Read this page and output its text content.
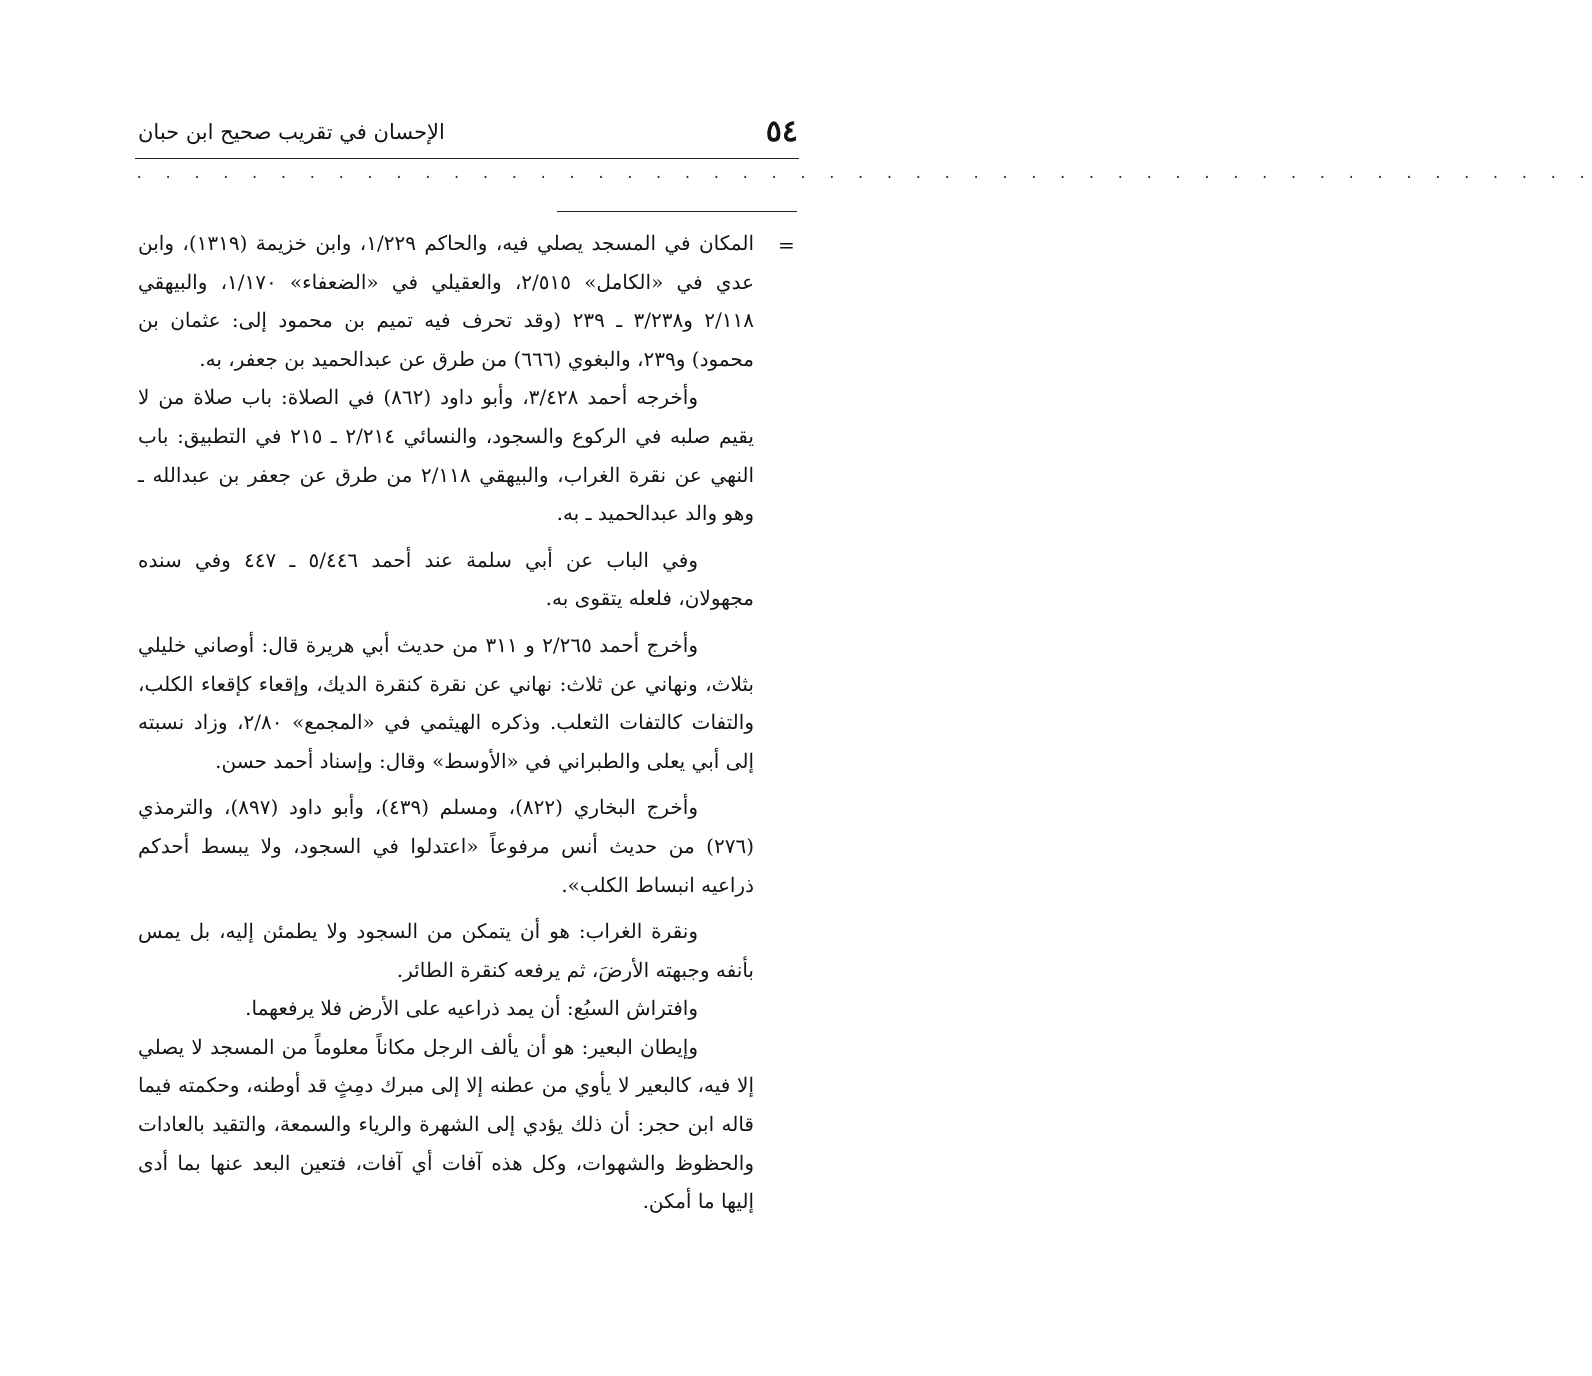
٥٤
الإحسان في تقريب صحيح ابن حبان
· · · · · · · · · · · · · · · · · · · · · · · · · · · · · · · · · · · · · · · · · · · · · · · · · · ·
=

المكان في المسجد يصلي فيه، والحاكم ١/٢٢٩، وابن خزيمة (١٣١٩)، وابن عدي في «الكامل» ٢/٥١٥، والعقيلي في «الضعفاء» ١/١٧٠، والبيهقي ٢/١١٨ و٣/٢٣٨ ـ ٢٣٩ (وقد تحرف فيه تميم بن محمود إلى: عثمان بن محمود) و٢٣٩، والبغوي (٦٦٦) من طرق عن عبدالحميد بن جعفر، به.

وأخرجه أحمد ٣/٤٢٨، وأبو داود (٨٦٢) في الصلاة: باب صلاة من لا يقيم صلبه في الركوع والسجود، والنسائي ٢/٢١٤ ـ ٢١٥ في التطبيق: باب النهي عن نقرة الغراب، والبيهقي ٢/١١٨ من طرق عن جعفر بن عبدالله ـ وهو والد عبدالحميد ـ به.

وفي الباب عن أبي سلمة عند أحمد ٥/٤٤٦ ـ ٤٤٧ وفي سنده مجهولان، فلعله يتقوى به.

وأخرج أحمد ٢/٢٦٥ و ٣١١ من حديث أبي هريرة قال: أوصاني خليلي بثلاث، ونهاني عن ثلاث: نهاني عن نقرة كنقرة الديك، وإقعاء كإقعاء الكلب، والتفات كالتفات الثعلب. وذكره الهيثمي في «المجمع» ٢/٨٠، وزاد نسبته إلى أبي يعلى والطبراني في «الأوسط» وقال: وإسناد أحمد حسن.

وأخرج البخاري (٨٢٢)، ومسلم (٤٣٩)، وأبو داود (٨٩٧)، والترمذي (٢٧٦) من حديث أنس مرفوعاً «اعتدلوا في السجود، ولا يبسط أحدكم ذراعيه انبساط الكلب».

ونقرة الغراب: هو أن يتمكن من السجود ولا يطمئن إليه، بل يمس بأنفه وجبهته الأرضَ، ثم يرفعه كنقرة الطائر.

وافتراش السبُع: أن يمد ذراعيه على الأرض فلا يرفعهما.

وإيطان البعير: هو أن يألف الرجل مكاناً معلوماً من المسجد لا يصلي إلا فيه، كالبعير لا يأوي من عطنه إلا إلى مبرك دمِثٍ قد أوطنه، وحكمته فيما قاله ابن حجر: أن ذلك يؤدي إلى الشهرة والرياء والسمعة، والتقيد بالعادات والحظوظ والشهوات، وكل هذه آفات أي آفات، فتعين البعد عنها بما أدى إليها ما أمكن.
